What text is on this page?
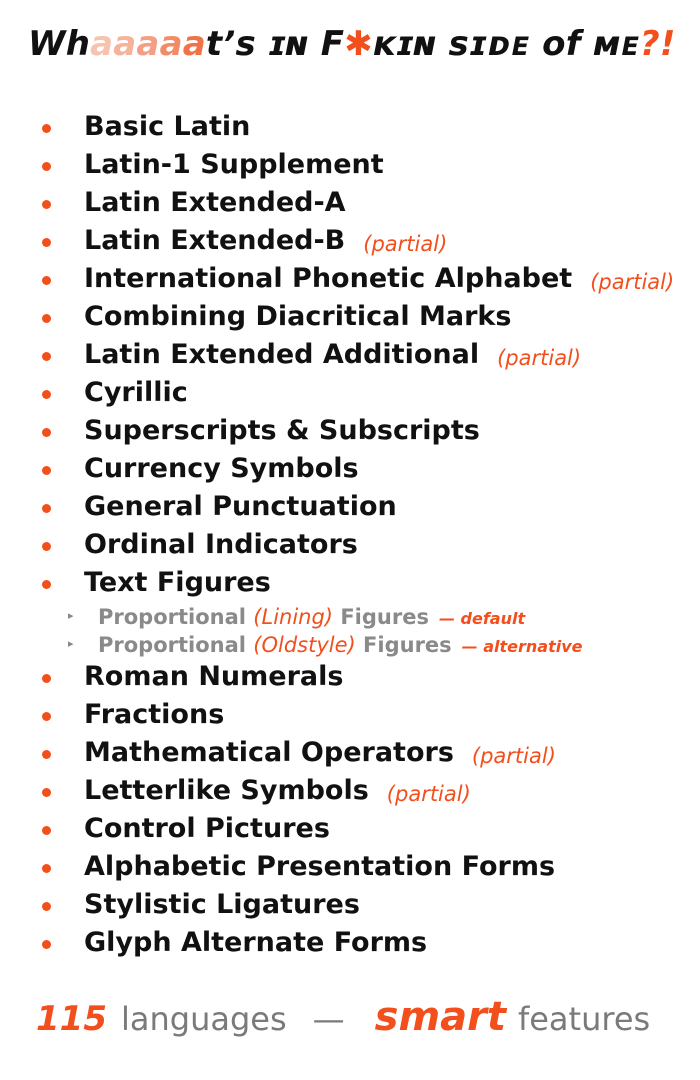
Wh a a a a a t’s ɪɴ F ✱ ᴋɪɴ sɪᴅᴇ ᴏf ᴍᴇ ?!
Basic Latin
Latin-1 Supplement
Latin Extended-A
Latin Extended-B (partial)
International Phonetic Alphabet (partial)
Combining Diacritical Marks
Latin Extended Additional (partial)
Cyrillic
Superscripts & Subscripts
Currency Symbols
General Punctuation
Ordinal Indicators
Text Figures
▸ Proportional (Lining) Figures — default
▸ Proportional (Oldstyle) Figures — alternative
Roman Numerals
Fractions
Mathematical Operators (partial)
Letterlike Symbols (partial)
Control Pictures
Alphabetic Presentation Forms
Stylistic Ligatures
Glyph Alternate Forms
115 languages — smart features
